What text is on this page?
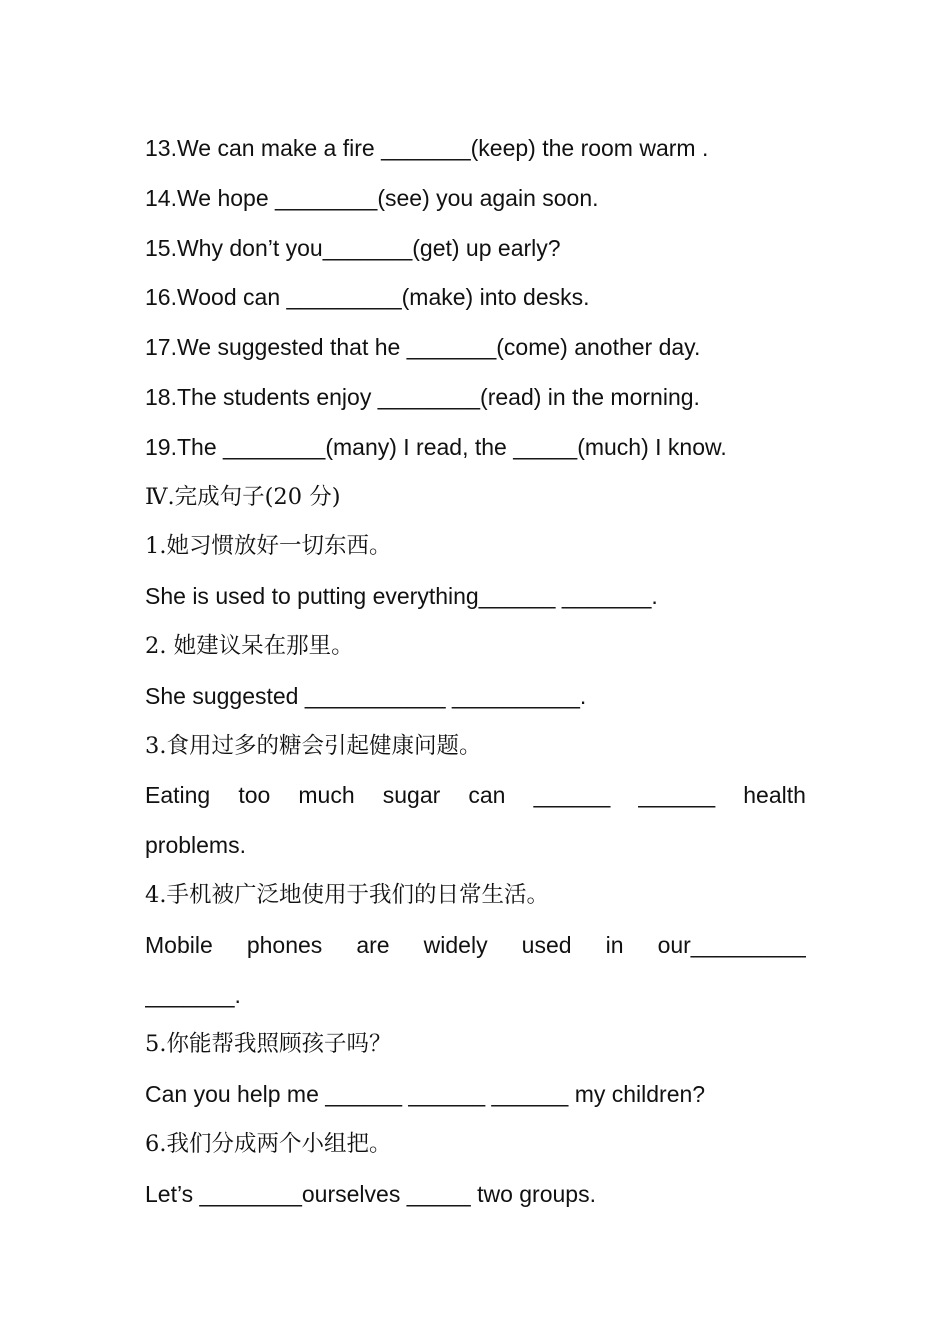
13.We can make a fire _______(keep) the room warm .
14.We hope ________(see) you again soon.
15.Why don’t you_______(get) up early?
16.Wood can _________(make) into desks.
17.We suggested that he _______(come) another day.
18.The students enjoy ________(read) in the morning.
19.The ________(many) I read, the _____(much) I know.
Ⅳ.完成句子(20 分)
1.她习惯放好一切东西。
She is used to putting everything______ _______.
2. 她建议呆在那里。
She suggested ___________ __________.
3.食用过多的糖会引起健康问题。
Eating too much sugar can ______ ______ health
problems.
4.手机被广泛地使用于我们的日常生活。
Mobile phones are widely used in our_________
_______.
5.你能帮我照顾孩子吗？
Can you help me ______ ______ ______ my children?
6.我们分成两个小组把。
Let’s ________ourselves _____ two groups.
